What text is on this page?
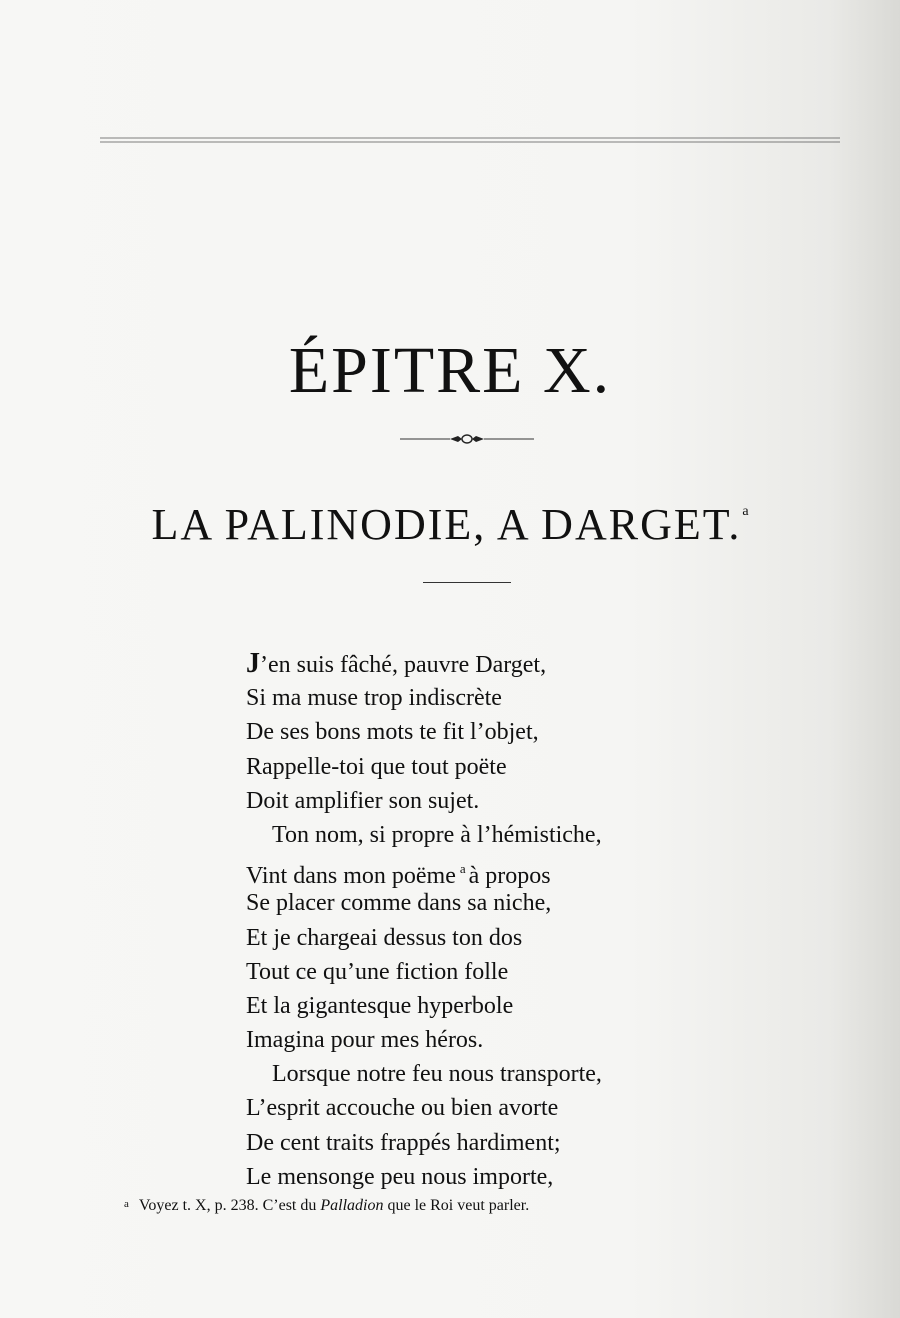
ÉPITRE X.
LA PALINODIE, A DARGET.$^a$
J’en suis fâché, pauvre Darget,
Si ma muse trop indiscrète
De ses bons mots te fit l’objet,
Rappelle-toi que tout poëte
Doit amplifier son sujet.
Ton nom, si propre à l’hémistiche,
Vint dans mon poëme $^a$ à propos
Se placer comme dans sa niche,
Et je chargeai dessus ton dos
Tout ce qu’une fiction folle
Et la gigantesque hyperbole
Imagina pour mes héros.
Lorsque notre feu nous transporte,
L’esprit accouche ou bien avorte
De cent traits frappés hardiment;
Le mensonge peu nous importe,
a Voyez t. X, p. 238. C’est du Palladion que le Roi veut parler.
